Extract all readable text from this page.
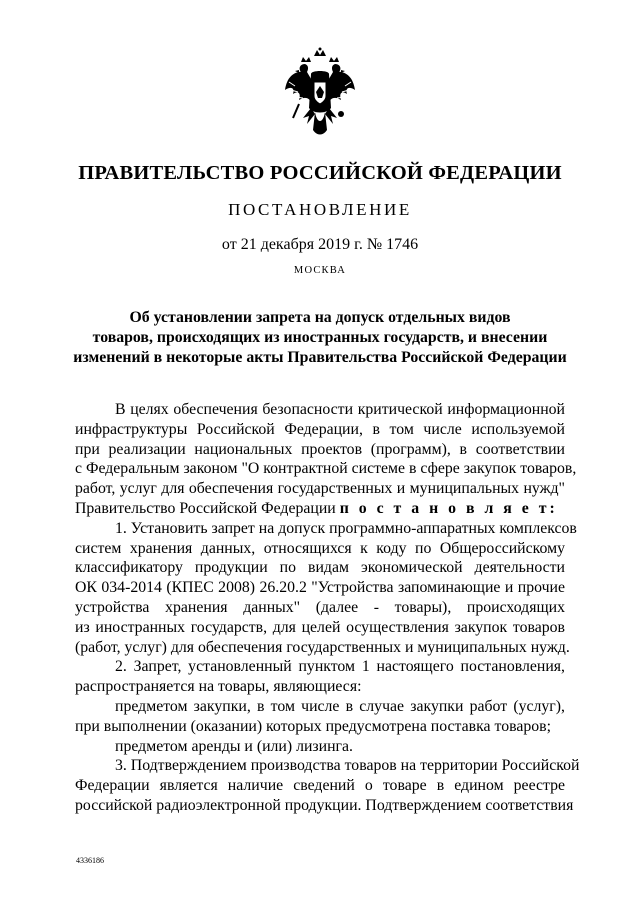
ПРАВИТЕЛЬСТВО РОССИЙСКОЙ ФЕДЕРАЦИИ
ПОСТАНОВЛЕНИЕ
от 21 декабря 2019 г. № 1746
МОСКВА
Об установлении запрета на допуск отдельных видов
товаров, происходящих из иностранных государств, и внесении
изменений в некоторые акты Правительства Российской Федерации
В целях обеспечения безопасности критической информационной
инфраструктуры Российской Федерации, в том числе используемой
при реализации национальных проектов (программ), в соответствии
с Федеральным законом "О контрактной системе в сфере закупок товаров,
работ, услуг для обеспечения государственных и муниципальных нужд"
Правительство Российской Федерации п о с т а н о в л я е т:
1. Установить запрет на допуск программно-аппаратных комплексов
систем хранения данных, относящихся к коду по Общероссийскому
классификатору продукции по видам экономической деятельности
ОК 034-2014 (КПЕС 2008) 26.20.2 "Устройства запоминающие и прочие
устройства хранения данных" (далее - товары), происходящих
из иностранных государств, для целей осуществления закупок товаров
(работ, услуг) для обеспечения государственных и муниципальных нужд.
2. Запрет, установленный пунктом 1 настоящего постановления,
распространяется на товары, являющиеся:
предметом закупки, в том числе в случае закупки работ (услуг),
при выполнении (оказании) которых предусмотрена поставка товаров;
предметом аренды и (или) лизинга.
3. Подтверждением производства товаров на территории Российской
Федерации является наличие сведений о товаре в едином реестре
российской радиоэлектронной продукции. Подтверждением соответствия
4336186
